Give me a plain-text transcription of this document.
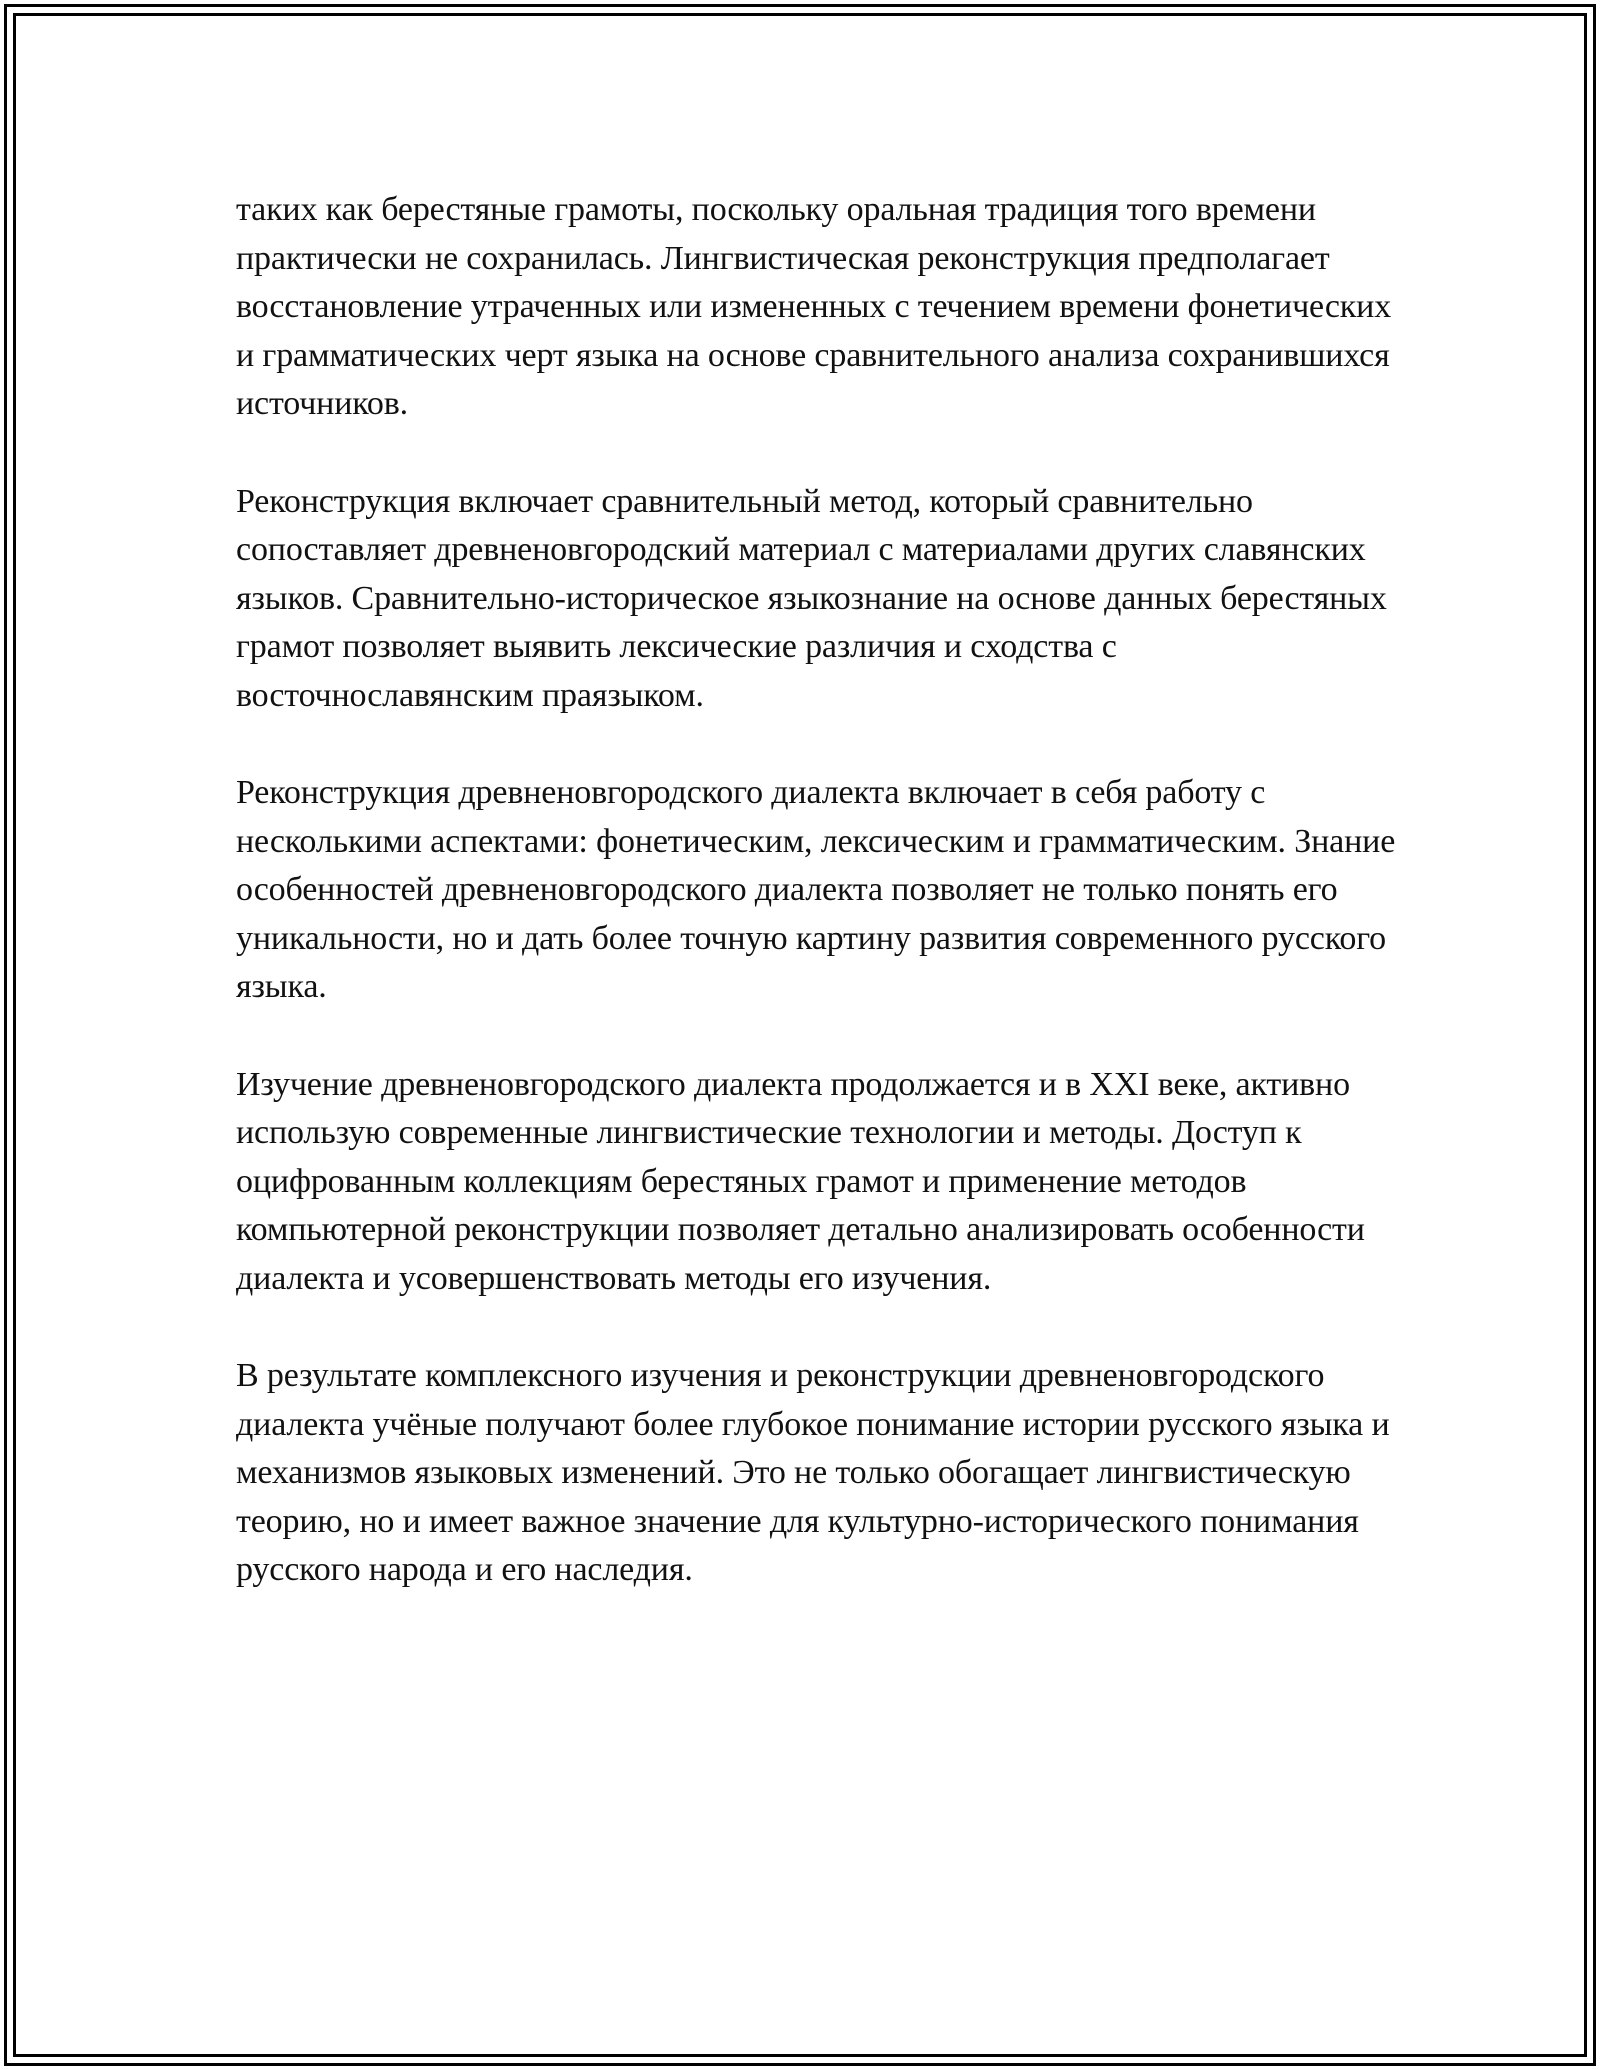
таких как берестяные грамоты, поскольку оральная традиция того времени практически не сохранилась. Лингвистическая реконструкция предполагает восстановление утраченных или измененных с течением времени фонетических и грамматических черт языка на основе сравнительного анализа сохранившихся источников.

Реконструкция включает сравнительный метод, который сравнительно сопоставляет древненовгородский материал с материалами других славянских языков. Сравнительно-историческое языкознание на основе данных берестяных грамот позволяет выявить лексические различия и сходства с восточнославянским праязыком.

Реконструкция древненовгородского диалекта включает в себя работу с несколькими аспектами: фонетическим, лексическим и грамматическим. Знание особенностей древненовгородского диалекта позволяет не только понять его уникальности, но и дать более точную картину развития современного русского языка.

Изучение древненовгородского диалекта продолжается и в XXI веке, активно использую современные лингвистические технологии и методы. Доступ к оцифрованным коллекциям берестяных грамот и применение методов компьютерной реконструкции позволяет детально анализировать особенности диалекта и усовершенствовать методы его изучения.

В результате комплексного изучения и реконструкции древненовгородского диалекта учёные получают более глубокое понимание истории русского языка и механизмов языковых изменений. Это не только обогащает лингвистическую теорию, но и имеет важное значение для культурно-исторического понимания русского народа и его наследия.
